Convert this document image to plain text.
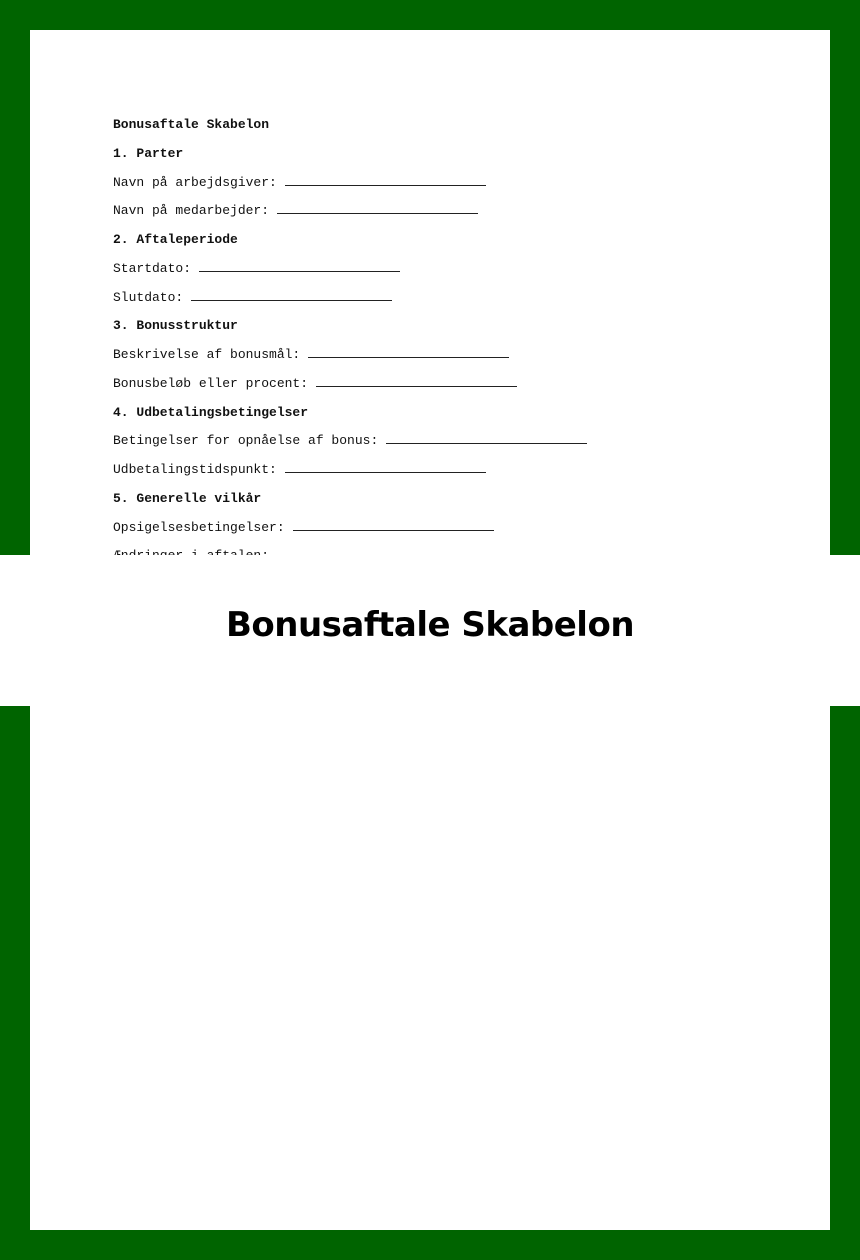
Bonusaftale Skabelon
1. Parter
Navn på arbejdsgiver:
Navn på medarbejder:
2. Aftaleperiode
Startdato:
Slutdato:
3. Bonusstruktur
Beskrivelse af bonusmål:
Bonusbeløb eller procent:
4. Udbetalingsbetingelser
Betingelser for opnåelse af bonus:
Udbetalingstidspunkt:
5. Generelle vilkår
Opsigelsesbetingelser:
Bonusaftale Skabelon
